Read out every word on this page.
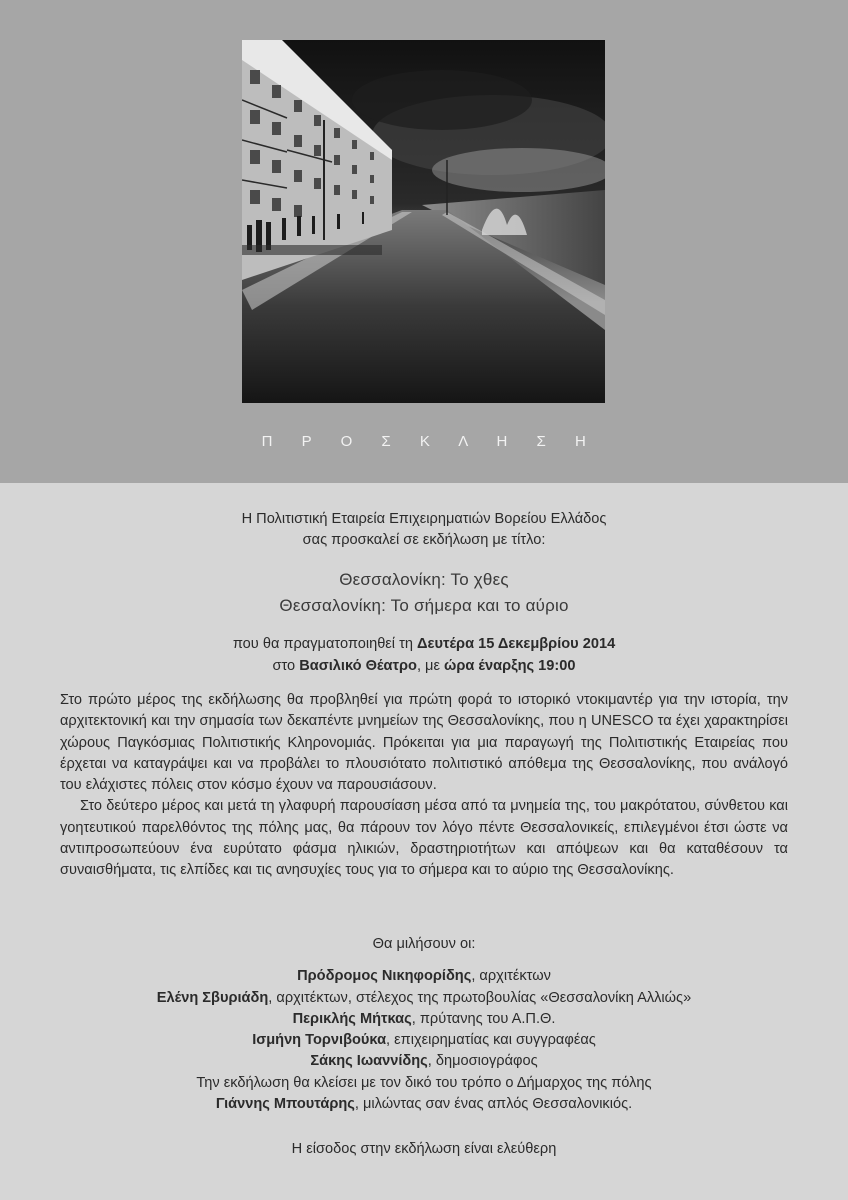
Π Ρ Ο Σ Κ Λ Η Σ Η
Η Πολιτιστική Εταιρεία Επιχειρηματιών Βορείου Ελλάδος
σας προσκαλεί σε εκδήλωση με τίτλο:
Θεσσαλονίκη: Το χθες
Θεσσαλονίκη: Το σήμερα και το αύριο
που θα πραγματοποιηθεί τη Δευτέρα 15 Δεκεμβρίου 2014
στο Βασιλικό Θέατρο, με ώρα έναρξης 19:00

Στο πρώτο μέρος της εκδήλωσης θα προβληθεί για πρώτη φορά το ιστορικό ντοκιμαντέρ για την ιστορία, την αρχιτεκτονική και την σημασία των δεκαπέντε μνημείων της Θεσσαλονίκης, που η UNESCO τα έχει χαρακτηρίσει χώρους Παγκόσμιας Πολιτιστικής Κληρονομιάς. Πρόκειται για μια παραγωγή της Πολιτιστικής Εταιρείας που έρχεται να καταγράψει και να προβάλει το πλουσιότατο πολιτιστικό απόθεμα της Θεσσαλονίκης, που ανάλογό του ελάχιστες πόλεις στον κόσμο έχουν να παρουσιάσουν.

Στο δεύτερο μέρος και μετά τη γλαφυρή παρουσίαση μέσα από τα μνημεία της, του μακρότατου, σύνθετου και γοητευτικού παρελθόντος της πόλης μας, θα πάρουν τον λόγο πέντε Θεσσαλονικείς, επιλεγμένοι έτσι ώστε να αντιπροσωπεύουν ένα ευρύτατο φάσμα ηλικιών, δραστηριοτήτων και απόψεων και θα καταθέσουν τα συναισθήματα, τις ελπίδες και τις ανησυχίες τους για το σήμερα και το αύριο της Θεσσαλονίκης.

Θα μιλήσουν οι:
Πρόδρομος Νικηφορίδης, αρχιτέκτων
Ελένη Σβυριάδη, αρχιτέκτων, στέλεχος της πρωτοβουλίας «Θεσσαλονίκη Αλλιώς»
Περικλής Μήτκας, πρύτανης του Α.Π.Θ.
Ισμήνη Τορνιβούκα, επιχειρηματίας και συγγραφέας
Σάκης Ιωαννίδης, δημοσιογράφος
Την εκδήλωση θα κλείσει με τον δικό του τρόπο ο Δήμαρχος της πόλης
Γιάννης Μπουτάρης, μιλώντας σαν ένας απλός Θεσσαλονικιός.
Η είσοδος στην εκδήλωση είναι ελεύθερη
